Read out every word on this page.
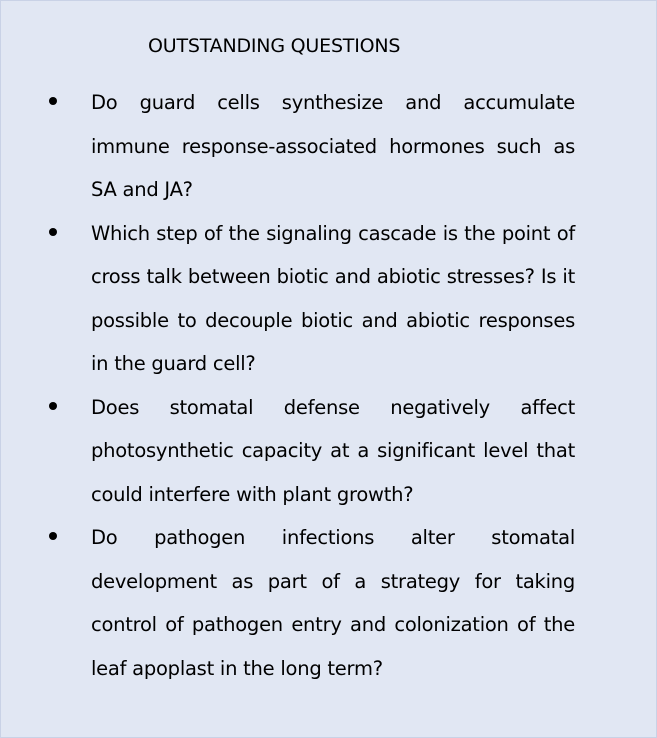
OUTSTANDING QUESTIONS
Do guard cells synthesize and accumulate immune response-associated hormones such as SA and JA?
Which step of the signaling cascade is the point of cross talk between biotic and abiotic stresses? Is it possible to decouple biotic and abiotic responses in the guard cell?
Does stomatal defense negatively affect photosynthetic capacity at a significant level that could interfere with plant growth?
Do pathogen infections alter stomatal development as part of a strategy for taking control of pathogen entry and colonization of the leaf apoplast in the long term?
